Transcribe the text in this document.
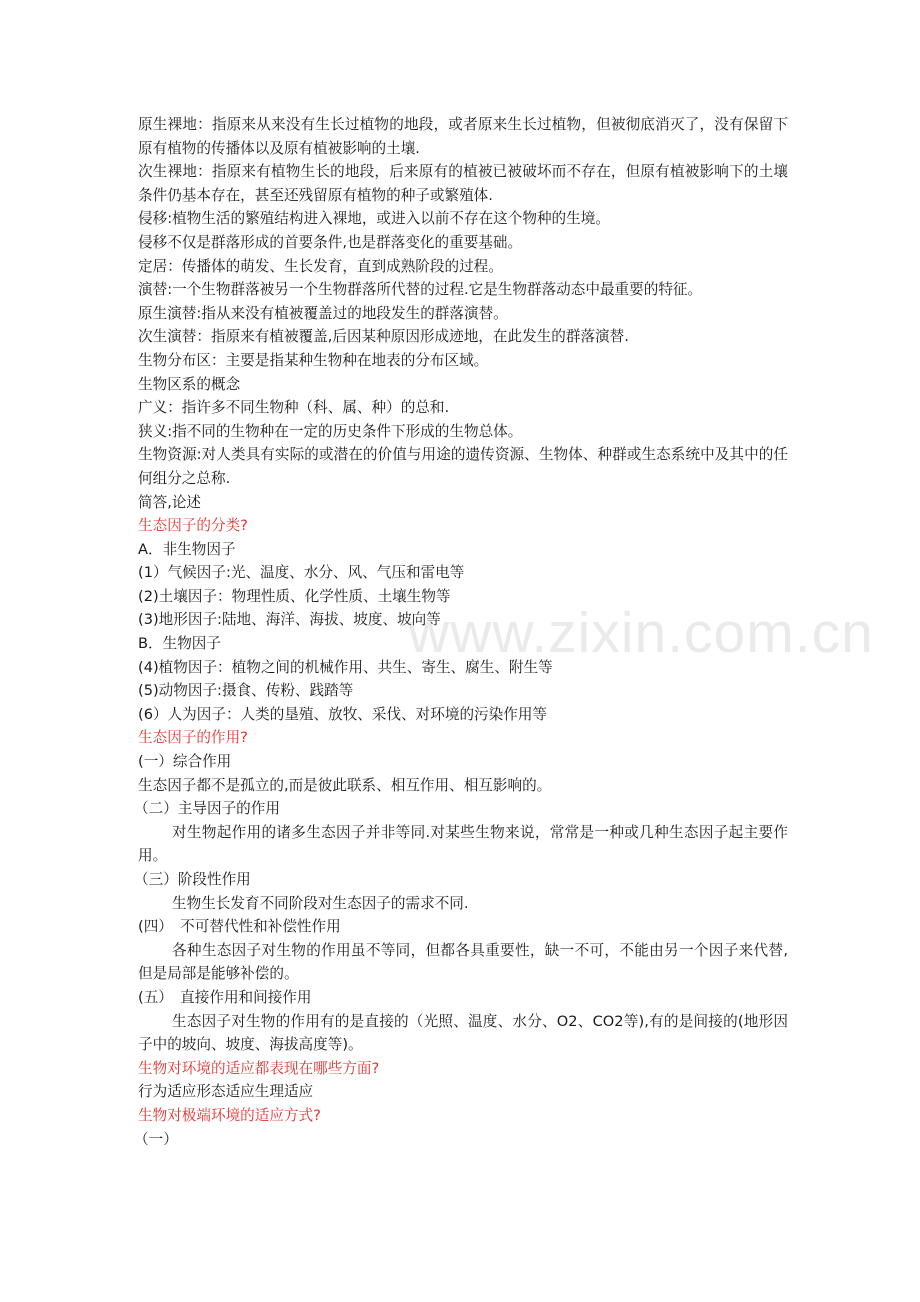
原生裸地：指原来从来没有生长过植物的地段，或者原来生长过植物，但被彻底消灭了，没有保留下原有植物的传播体以及原有植被影响的土壤.
次生裸地：指原来有植物生长的地段，后来原有的植被已被破坏而不存在，但原有植被影响下的土壤条件仍基本存在，甚至还残留原有植物的种子或繁殖体.
侵移:植物生活的繁殖结构进入裸地，或进入以前不存在这个物种的生境。
侵移不仅是群落形成的首要条件,也是群落变化的重要基础。
定居：传播体的萌发、生长发育，直到成熟阶段的过程。
演替:一个生物群落被另一个生物群落所代替的过程.它是生物群落动态中最重要的特征。
原生演替:指从来没有植被覆盖过的地段发生的群落演替。
次生演替：指原来有植被覆盖,后因某种原因形成迹地，在此发生的群落演替.
生物分布区：主要是指某种生物种在地表的分布区域。
生物区系的概念
广义：指许多不同生物种（科、属、种）的总和.
狭义:指不同的生物种在一定的历史条件下形成的生物总体。
生物资源:对人类具有实际的或潜在的价值与用途的遗传资源、生物体、种群或生态系统中及其中的任何组分之总称.
简答,论述
生态因子的分类?
A．非生物因子
(1）气候因子:光、温度、水分、风、气压和雷电等
(2)土壤因子：物理性质、化学性质、土壤生物等
(3)地形因子:陆地、海洋、海拔、坡度、坡向等
B．生物因子
(4)植物因子：植物之间的机械作用、共生、寄生、腐生、附生等
(5)动物因子:摄食、传粉、践踏等
(6）人为因子：人类的垦殖、放牧、采伐、对环境的污染作用等
生态因子的作用?
(一）综合作用
生态因子都不是孤立的,而是彼此联系、相互作用、相互影响的。
（二）主导因子的作用
对生物起作用的诸多生态因子并非等同.对某些生物来说，常常是一种或几种生态因子起主要作用。
（三）阶段性作用
生物生长发育不同阶段对生态因子的需求不同.
(四）　不可替代性和补偿性作用
各种生态因子对生物的作用虽不等同，但都各具重要性，缺一不可，不能由另一个因子来代替,但是局部是能够补偿的。
(五）　直接作用和间接作用
生态因子对生物的作用有的是直接的（光照、温度、水分、O2、CO2等),有的是间接的(地形因子中的坡向、坡度、海拔高度等)。
生物对环境的适应都表现在哪些方面?
行为适应形态适应生理适应
生物对极端环境的适应方式?
（一）
www.zixin.com.cn
